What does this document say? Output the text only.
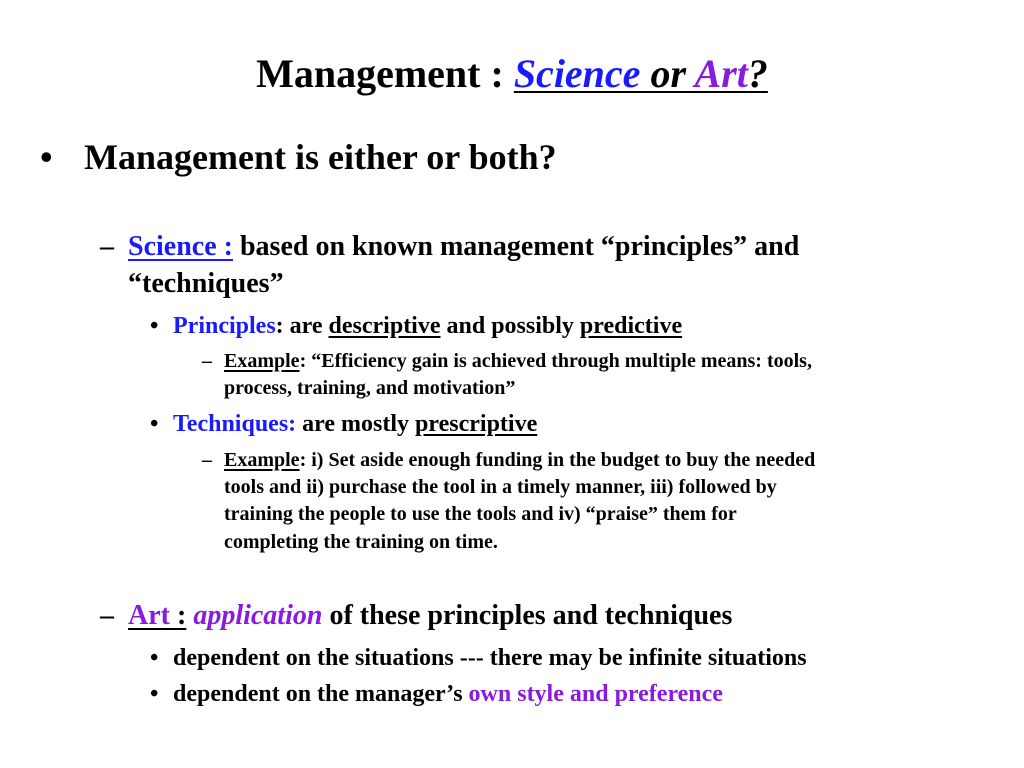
Management : Science or Art?
• Management is either or both?
– Science : based on known management “principles” and
“techniques”
• Principles: are descriptive and possibly predictive
– Example: “Efficiency gain is achieved through multiple means: tools,
process, training, and motivation”
• Techniques: are mostly prescriptive
– Example: i) Set aside enough funding in the budget to buy the needed
tools and ii) purchase the tool in a timely manner, iii) followed by
training the people to use the tools and iv) “praise” them for
completing the training on time.
– Art : application of these principles and techniques
• dependent on the situations --- there may be infinite situations
• dependent on the manager’s own style and preference
